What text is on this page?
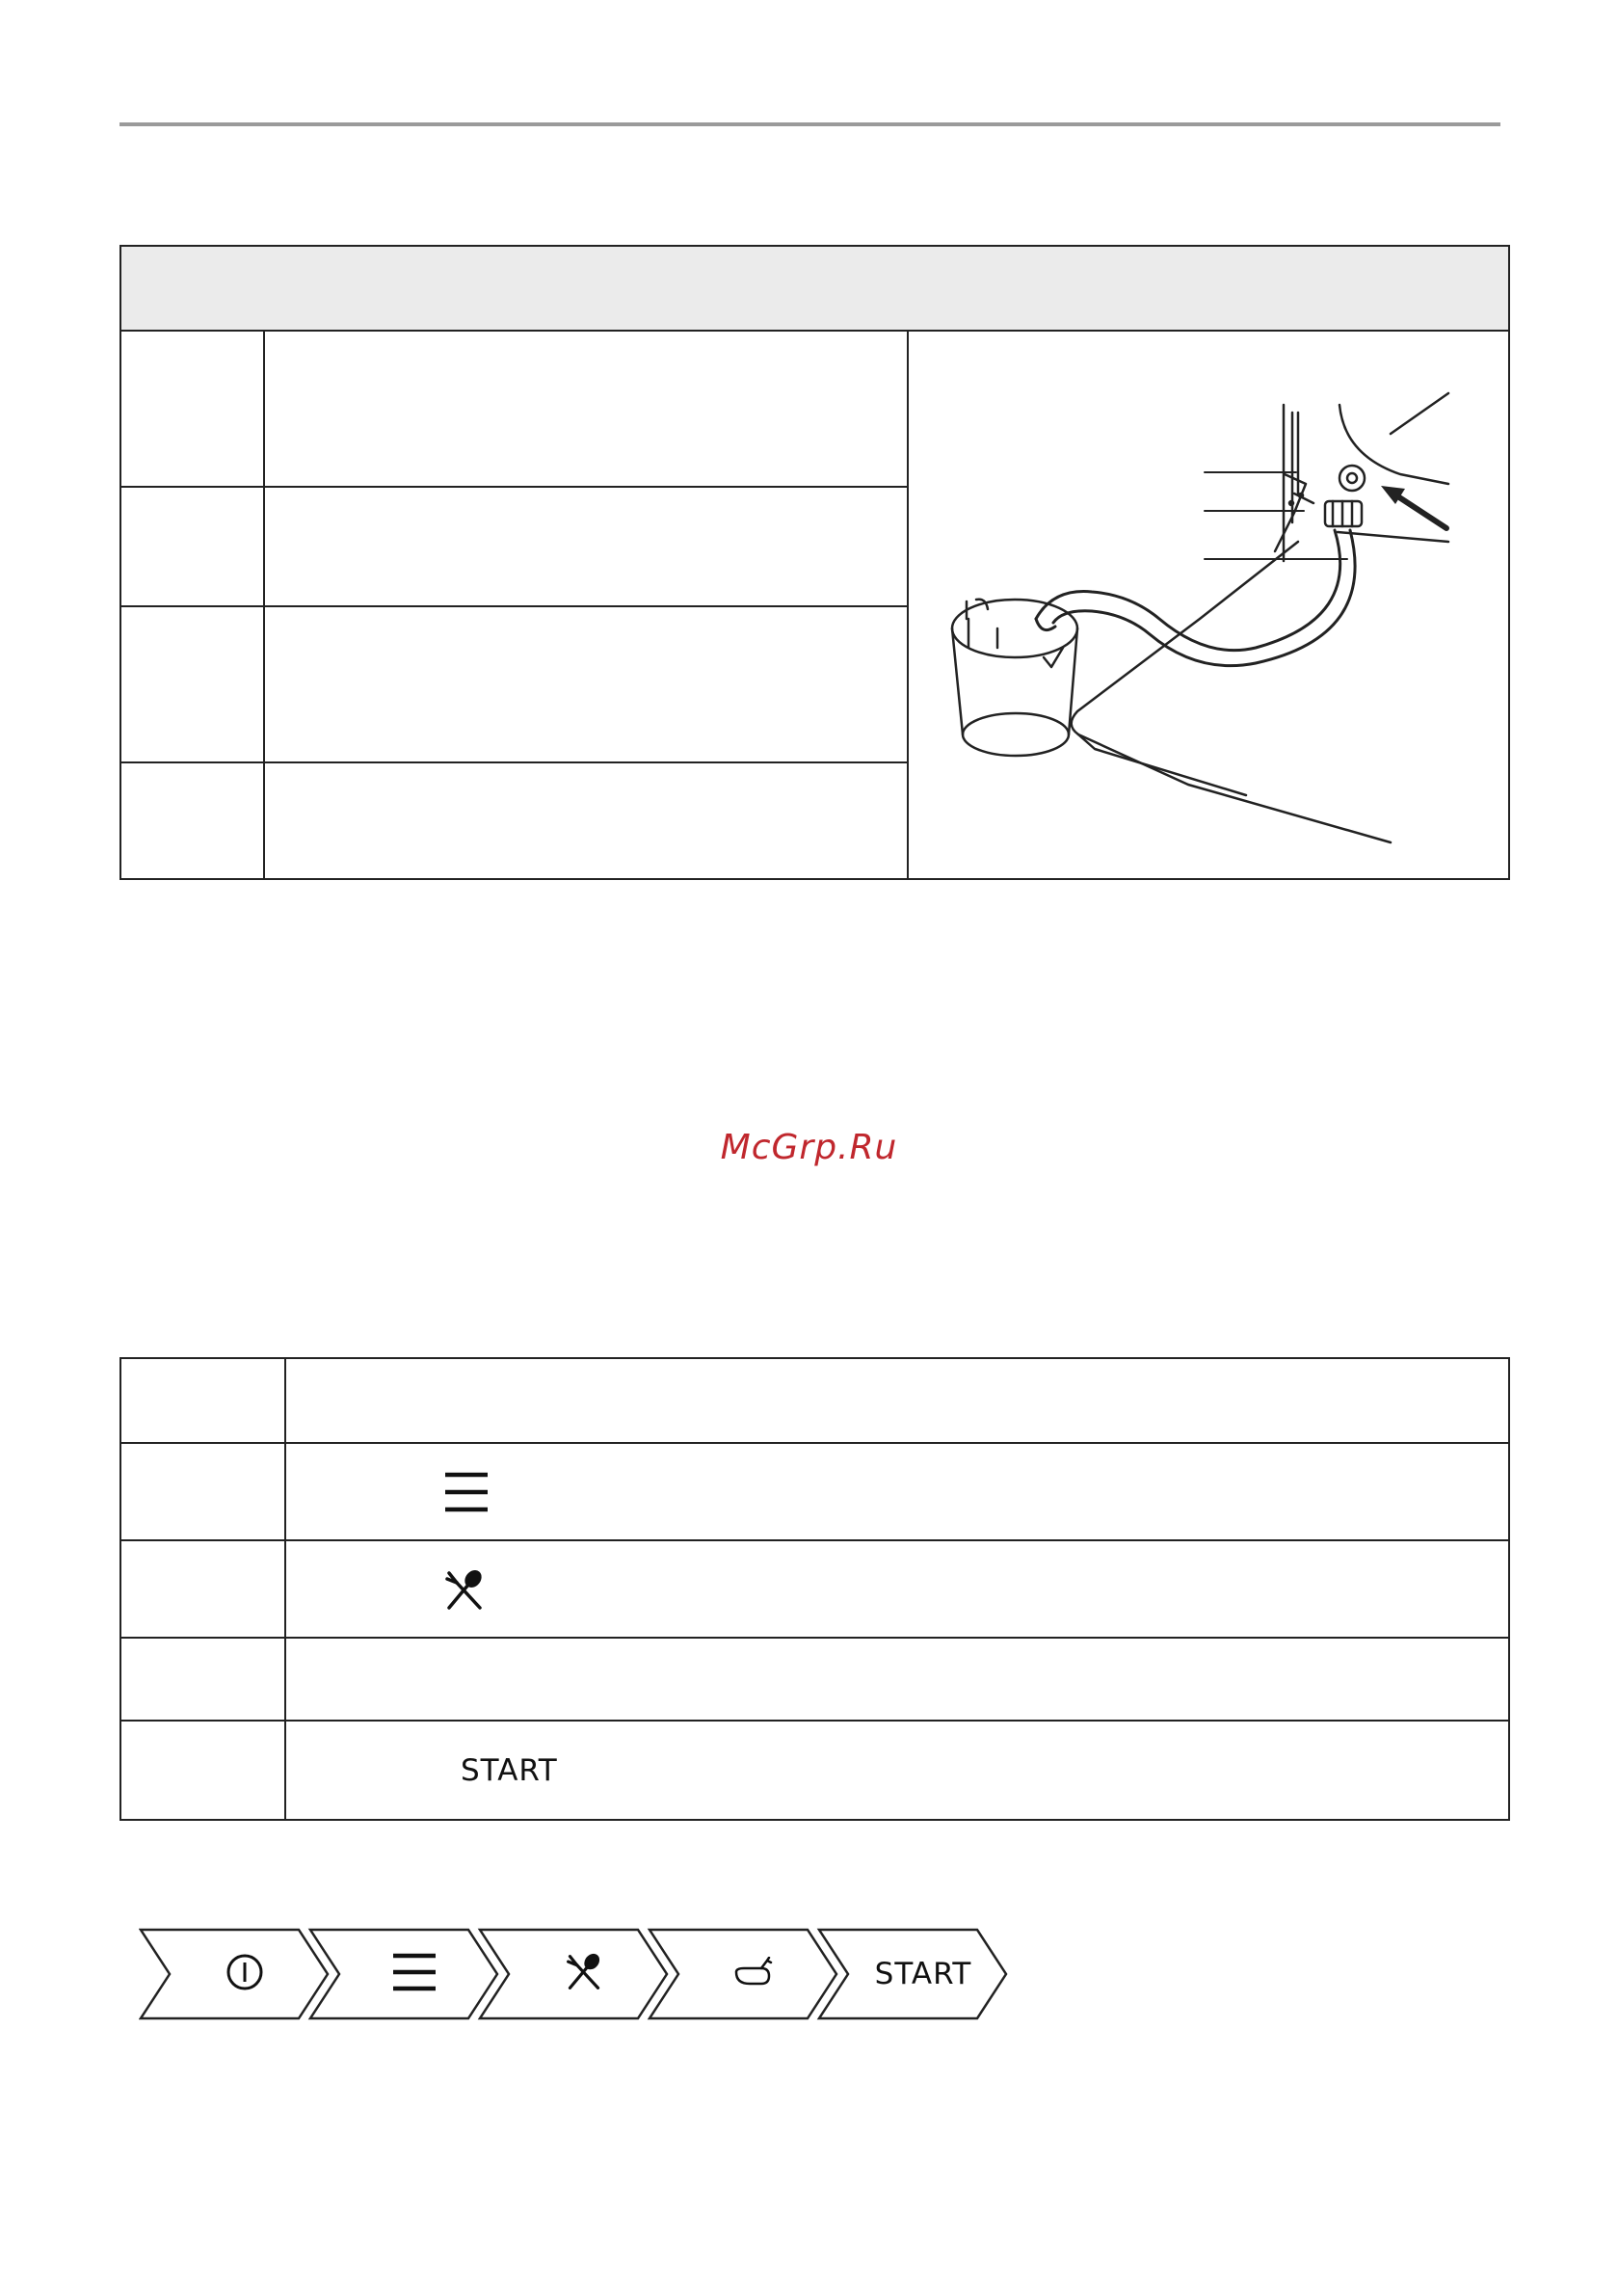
McGrp.Ru
START
START
